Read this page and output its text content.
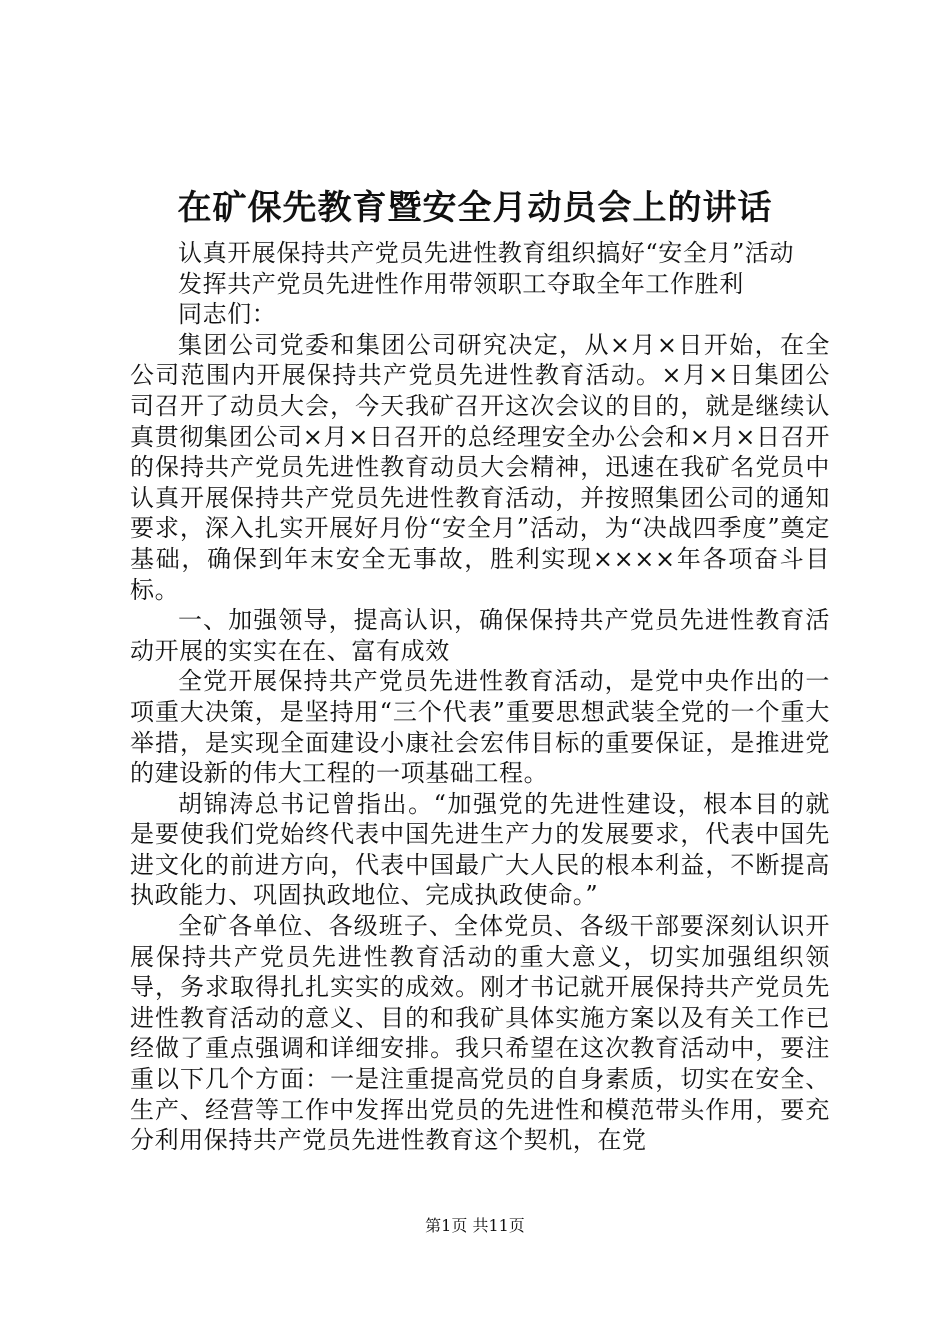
在矿保先教育暨安全月动员会上的讲话

认真开展保持共产党员先进性教育组织搞好“安全月”活动

发挥共产党员先进性作用带领职工夺取全年工作胜利

同志们：

集团公司党委和集团公司研究决定，从×月×日开始，在全公司范围内开展保持共产党员先进性教育活动。×月×日集团公司召开了动员大会，今天我矿召开这次会议的目的，就是继续认真贯彻集团公司×月×日召开的总经理安全办公会和×月×日召开的保持共产党员先进性教育动员大会精神，迅速在我矿名党员中认真开展保持共产党员先进性教育活动，并按照集团公司的通知要求，深入扎实开展好月份“安全月”活动，为“决战四季度”奠定基础，确保到年末安全无事故，胜利实现××××年各项奋斗目标。

一、加强领导，提高认识，确保保持共产党员先进性教育活动开展的实实在在、富有成效

全党开展保持共产党员先进性教育活动，是党中央作出的一项重大决策，是坚持用“三个代表”重要思想武装全党的一个重大举措，是实现全面建设小康社会宏伟目标的重要保证，是推进党的建设新的伟大工程的一项基础工程。

胡锦涛总书记曾指出。“加强党的先进性建设，根本目的就是要使我们党始终代表中国先进生产力的发展要求，代表中国先进文化的前进方向，代表中国最广大人民的根本利益，不断提高执政能力、巩固执政地位、完成执政使命。”

全矿各单位、各级班子、全体党员、各级干部要深刻认识开展保持共产党员先进性教育活动的重大意义，切实加强组织领导，务求取得扎扎实实的成效。刚才书记就开展保持共产党员先进性教育活动的意义、目的和我矿具体实施方案以及有关工作已经做了重点强调和详细安排。我只希望在这次教育活动中，要注重以下几个方面：一是注重提高党员的自身素质，切实在安全、生产、经营等工作中发挥出党员的先进性和模范带头作用，要充分利用保持共产党员先进性教育这个契机，在党

第1页 共11页
